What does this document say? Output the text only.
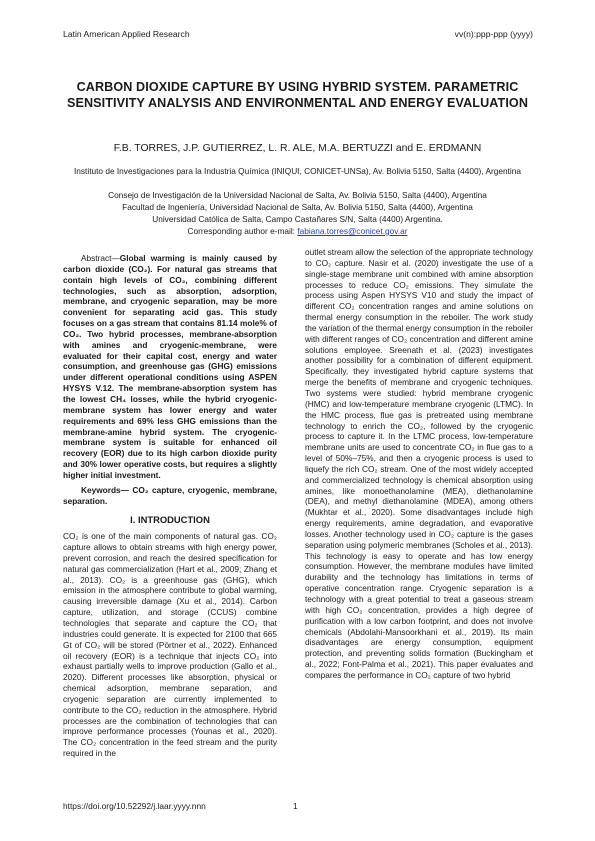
Latin American Applied Research	vv(n):ppp-ppp (yyyy)
CARBON DIOXIDE CAPTURE BY USING HYBRID SYSTEM. PARAMETRIC SENSITIVITY ANALYSIS AND ENVIRONMENTAL AND ENERGY EVALUATION
F.B. TORRES, J.P. GUTIERREZ, L. R. ALE, M.A. BERTUZZI and E. ERDMANN
Instituto de Investigaciones para la Industria Química (INIQUI, CONICET-UNSa), Av. Bolivia 5150, Salta (4400), Argentina
Consejo de Investigación de la Universidad Nacional de Salta, Av. Bolivia 5150, Salta (4400), Argentina
Facultad de Ingeniería, Universidad Nacional de Salta, Av. Bolivia 5150, Salta (4400), Argentina
Universidad Católica de Salta, Campo Castañares S/N, Salta (4400) Argentina.
Corresponding author e-mail: fabiana.torres@conicet.gov.ar

Abstract—Global warming is mainly caused by carbon dioxide (CO₂). For natural gas streams that contain high levels of CO₂, combining different technologies, such as absorption, adsorption, membrane, and cryogenic separation, may be more convenient for separating acid gas. This study focuses on a gas stream that contains 81.14 mole% of CO₂. Two hybrid processes, membrane-absorption with amines and cryogenic-membrane, were evaluated for their capital cost, energy and water consumption, and greenhouse gas (GHG) emissions under different operational conditions using ASPEN HYSYS V.12. The membrane-absorption system has the lowest CH₄ losses, while the hybrid cryogenic-membrane system has lower energy and water requirements and 69% less GHG emissions than the membrane-amine hybrid system. The cryogenic-membrane system is suitable for enhanced oil recovery (EOR) due to its high carbon dioxide purity and 30% lower operative costs, but requires a slightly higher initial investment.

Keywords— CO₂ capture, cryogenic, membrane, separation.

I. INTRODUCTION

CO₂ is one of the main components of natural gas. CO₂ capture allows to obtain streams with high energy power, prevent corrosion, and reach the desired specification for natural gas commercialization (Hart et al., 2009; Zhang et al., 2013). CO₂ is a greenhouse gas (GHG), which emission in the atmosphere contribute to global warming, causing irreversible damage (Xu et al., 2014). Carbon capture, utilization, and storage (CCUS) combine technologies that separate and capture the CO₂ that industries could generate. It is expected for 2100 that 665 Gt of CO₂ will be stored (Pörtner et al., 2022). Enhanced oil recovery (EOR) is a technique that injects CO₂ into exhaust partially wells to improve production (Gallo et al., 2020). Different processes like absorption, physical or chemical adsorption, membrane separation, and cryogenic separation are currently implemented to contribute to the CO₂ reduction in the atmosphere. Hybrid processes are the combination of technologies that can improve performance processes (Younas et al., 2020). The CO₂ concentration in the feed stream and the purity required in the

outlet stream allow the selection of the appropriate technology to CO₂ capture. Nasir et al. (2020) investigate the use of a single-stage membrane unit combined with amine absorption processes to reduce CO₂ emissions. They simulate the process using Aspen HYSYS V10 and study the impact of different CO₂ concentration ranges and amine solutions on thermal energy consumption in the reboiler. The work study the variation of the thermal energy consumption in the reboiler with different ranges of CO₂ concentration and different amine solutions employee. Sreenath et al. (2023) investigates another possibility for a combination of different equipment. Specifically, they investigated hybrid capture systems that merge the benefits of membrane and cryogenic techniques. Two systems were studied: hybrid membrane cryogenic (HMC) and low-temperature membrane cryogenic (LTMC). In the HMC process, flue gas is pretreated using membrane technology to enrich the CO₂, followed by the cryogenic process to capture it. In the LTMC process, low-temperature membrane units are used to concentrate CO₂ in flue gas to a level of 50%–75%, and then a cryogenic process is used to liquefy the rich CO₂ stream. One of the most widely accepted and commercialized technology is chemical absorption using amines, like monoethanolamine (MEA), diethanolamine (DEA), and methyl diethanolamine (MDEA), among others (Mukhtar et al., 2020). Some disadvantages include high energy requirements, amine degradation, and evaporative losses. Another technology used in CO₂ capture is the gases separation using polymeric membranes (Scholes et al., 2013). This technology is easy to operate and has low energy consumption. However, the membrane modules have limited durability and the technology has limitations in terms of operative concentration range. Cryogenic separation is a technology with a great potential to treat a gaseous stream with high CO₂ concentration, provides a high degree of purification with a low carbon footprint, and does not involve chemicals (Abdolahi-Mansoorkhani et al., 2019). Its main disadvantages are energy consumption, equipment protection, and preventing solids formation (Buckingham et al., 2022; Font-Palma et al., 2021). This paper evaluates and compares the performance in CO₂ capture of two hybrid

https://doi.org/10.52292/j.laar.yyyy.nnn	1
